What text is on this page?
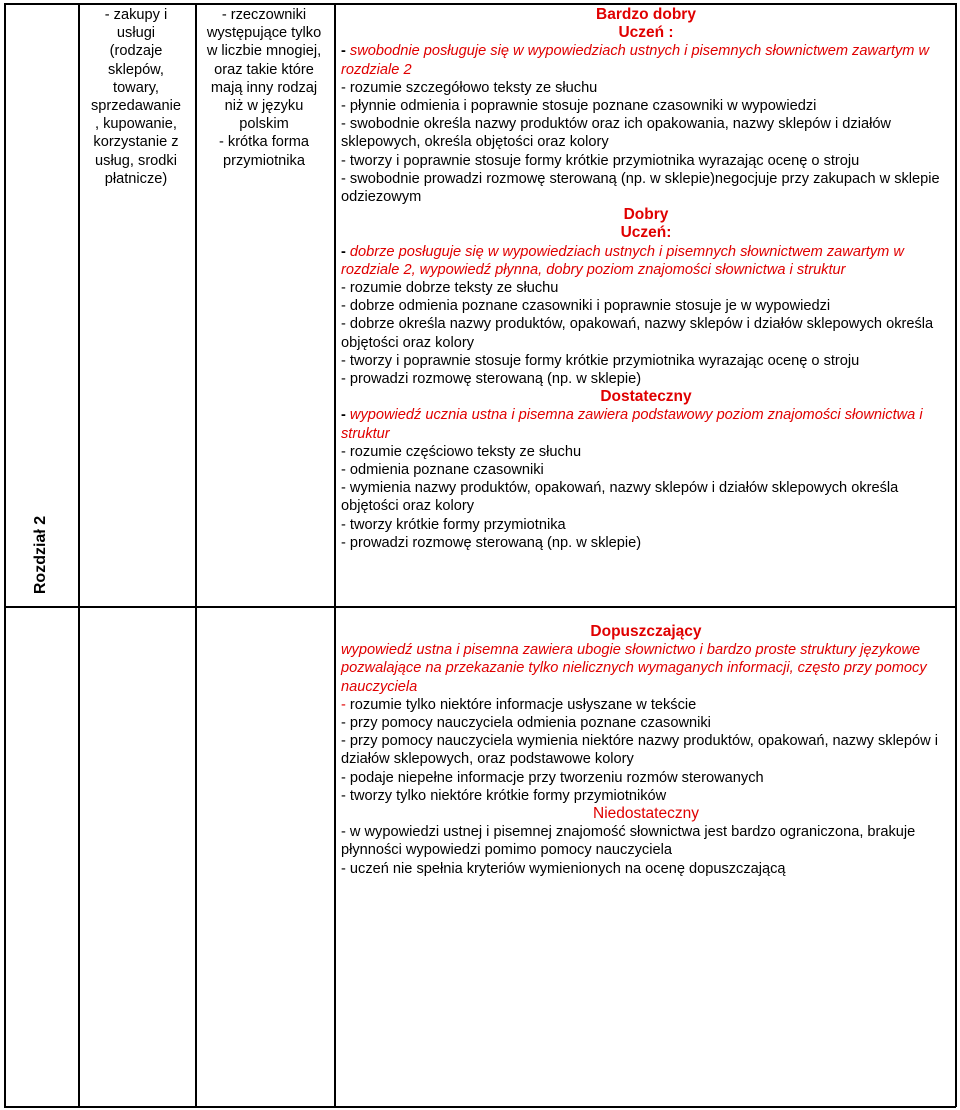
Rozdział 2

- zakupy i

usługi

(rodzaje

sklepów,

towary,

sprzedawanie

, kupowanie,

korzystanie z

usług, srodki

płatnicze)

- rzeczowniki

występujące tylko

w liczbie mnogiej,

oraz takie które

mają inny rodzaj

niż w języku

polskim

- krótka forma

przymiotnika

Bardzo dobry

Uczeń :

- swobodnie posługuje się w wypowiedziach ustnych i pisemnych słownictwem zawartym w rozdziale 2

- rozumie szczegółowo teksty ze słuchu

- płynnie odmienia i poprawnie stosuje poznane czasowniki w wypowiedzi

- swobodnie określa nazwy produktów oraz ich opakowania, nazwy sklepów i działów sklepowych, określa objętości oraz kolory

- tworzy i poprawnie stosuje formy krótkie przymiotnika wyrazając ocenę o stroju

- swobodnie prowadzi rozmowę sterowaną (np. w sklepie)negocjuje przy zakupach w sklepie odziezowym

Dobry

Uczeń:

- dobrze posługuje się w wypowiedziach ustnych i pisemnych słownictwem zawartym w rozdziale 2, wypowiedź płynna, dobry poziom znajomości słownictwa i struktur

- rozumie dobrze teksty ze słuchu

- dobrze odmienia poznane czasowniki i poprawnie stosuje je w wypowiedzi

- dobrze określa nazwy produktów, opakowań, nazwy sklepów i działów sklepowych określa objętości oraz kolory

- tworzy i poprawnie stosuje formy krótkie przymiotnika wyrazając ocenę o stroju

- prowadzi rozmowę sterowaną (np. w sklepie)

Dostateczny

- wypowiedź ucznia ustna i pisemna zawiera podstawowy poziom znajomości słownictwa i struktur

- rozumie częściowo teksty ze słuchu

- odmienia poznane czasowniki

- wymienia nazwy produktów, opakowań, nazwy sklepów i działów sklepowych określa objętości oraz kolory

- tworzy krótkie formy przymiotnika

- prowadzi rozmowę sterowaną (np. w sklepie)

Dopuszczający

wypowiedź ustna i pisemna zawiera ubogie słownictwo i bardzo proste struktury językowe pozwalające na przekazanie tylko nielicznych wymaganych informacji, często przy pomocy nauczyciela

- rozumie tylko niektóre informacje usłyszane w tekście

- przy pomocy nauczyciela odmienia poznane czasowniki

- przy pomocy nauczyciela wymienia niektóre nazwy produktów, opakowań, nazwy sklepów i działów sklepowych, oraz podstawowe kolory

- podaje niepełne informacje przy tworzeniu rozmów sterowanych

- tworzy tylko niektóre krótkie formy przymiotników

Niedostateczny

- w wypowiedzi ustnej i pisemnej znajomość słownictwa jest bardzo ograniczona, brakuje płynności wypowiedzi pomimo pomocy nauczyciela

- uczeń nie spełnia kryteriów wymienionych na ocenę dopuszczającą
